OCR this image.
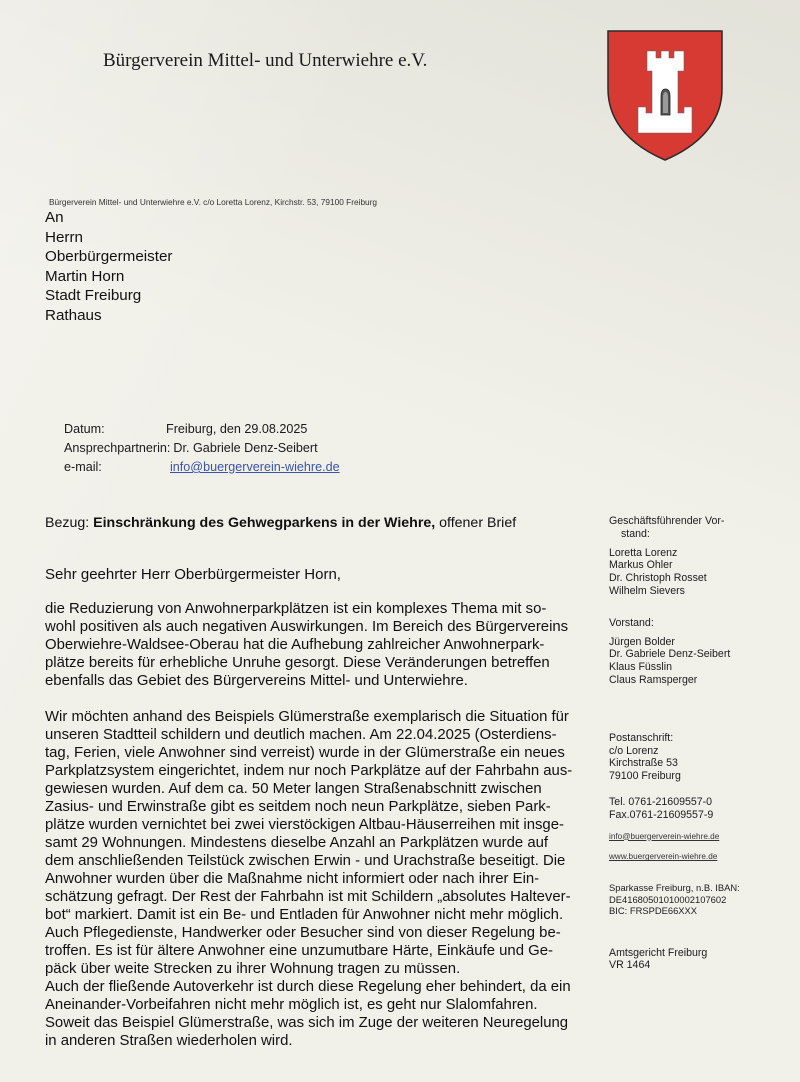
Bürgerverein Mittel- und Unterwiehre e.V.
Bürgerverein Mittel- und Unterwiehre e.V. c/o Loretta Lorenz, Kirchstr. 53, 79100 Freiburg
An
Herrn
Oberbürgermeister
Martin Horn
Stadt Freiburg
Rathaus
Datum:	Freiburg, den 29.08.2025
Ansprechpartnerin: Dr. Gabriele Denz-Seibert
e-mail:	info@buergerverein-wiehre.de
Bezug: Einschränkung des Gehwegparkens in der Wiehre, offener Brief
Sehr geehrter Herr Oberbürgermeister Horn,
die Reduzierung von Anwohnerparkplätzen ist ein komplexes Thema mit so-
wohl positiven als auch negativen Auswirkungen. Im Bereich des Bürgervereins
Oberwiehre-Waldsee-Oberau hat die Aufhebung zahlreicher Anwohnerpark-
plätze bereits für erhebliche Unruhe gesorgt. Diese Veränderungen betreffen
ebenfalls das Gebiet des Bürgervereins Mittel- und Unterwiehre.
Wir möchten anhand des Beispiels Glümerstraße exemplarisch die Situation für
unseren Stadtteil schildern und deutlich machen. Am 22.04.2025 (Osterdiens-
tag, Ferien, viele Anwohner sind verreist) wurde in der Glümerstraße ein neues
Parkplatzsystem eingerichtet, indem nur noch Parkplätze auf der Fahrbahn aus-
gewiesen wurden. Auf dem ca. 50 Meter langen Straßenabschnitt zwischen
Zasius- und Erwinstraße gibt es seitdem noch neun Parkplätze, sieben Park-
plätze wurden vernichtet bei zwei vierstöckigen Altbau-Häuserreihen mit insge-
samt 29 Wohnungen. Mindestens dieselbe Anzahl an Parkplätzen wurde auf
dem anschließenden Teilstück zwischen Erwin - und Urachstraße beseitigt. Die
Anwohner wurden über die Maßnahme nicht informiert oder nach ihrer Ein-
schätzung gefragt. Der Rest der Fahrbahn ist mit Schildern „absolutes Haltever-
bot“ markiert. Damit ist ein Be- und Entladen für Anwohner nicht mehr möglich.
Auch Pflegedienste, Handwerker oder Besucher sind von dieser Regelung be-
troffen. Es ist für ältere Anwohner eine unzumutbare Härte, Einkäufe und Ge-
päck über weite Strecken zu ihrer Wohnung tragen zu müssen.
Auch der fließende Autoverkehr ist durch diese Regelung eher behindert, da ein
Aneinander-Vorbeifahren nicht mehr möglich ist, es geht nur Slalomfahren.
Soweit das Beispiel Glümerstraße, was sich im Zuge der weiteren Neuregelung
in anderen Straßen wiederholen wird.
Geschäftsführender Vor-
stand:
Loretta Lorenz
Markus Ohler
Dr. Christoph Rosset
Wilhelm Sievers
Vorstand:
Jürgen Bolder
Dr. Gabriele Denz-Seibert
Klaus Füsslin
Claus Ramsperger
Postanschrift:
c/o Lorenz
Kirchstraße 53
79100 Freiburg
Tel. 0761-21609557-0
Fax.0761-21609557-9
info@buergerverein-wiehre.de
www.buergerverein-wiehre.de
Sparkasse Freiburg, n.B. IBAN:
DE41680501010002107602
BIC: FRSPDE66XXX
Amtsgericht Freiburg
VR 1464
